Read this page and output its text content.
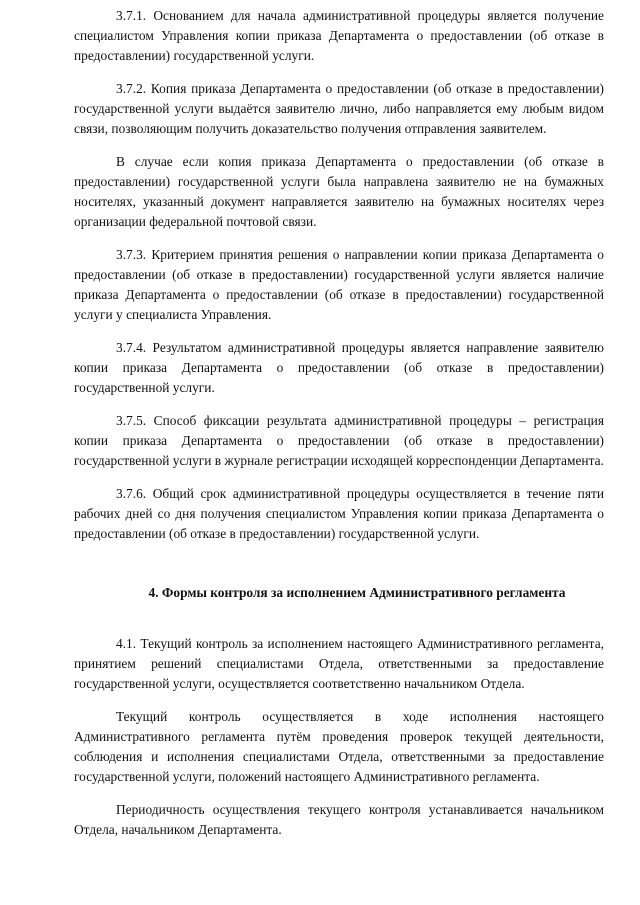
3.7.1. Основанием для начала административной процедуры является получение специалистом Управления копии приказа Департамента о предоставлении (об отказе в предоставлении) государственной услуги.

3.7.2. Копия приказа Департамента о предоставлении (об отказе в предоставлении) государственной услуги выдаётся заявителю лично, либо направляется ему любым видом связи, позволяющим получить доказательство получения отправления заявителем.

В случае если копия приказа Департамента о предоставлении (об отказе в предоставлении) государственной услуги была направлена заявителю не на бумажных носителях, указанный документ направляется заявителю на бумажных носителях через организации федеральной почтовой связи.

3.7.3. Критерием принятия решения о направлении копии приказа Департамента о предоставлении (об отказе в предоставлении) государственной услуги является наличие приказа Департамента о предоставлении (об отказе в предоставлении) государственной услуги у специалиста Управления.

3.7.4. Результатом административной процедуры является направление заявителю копии приказа Департамента о предоставлении (об отказе в предоставлении) государственной услуги.

3.7.5. Способ фиксации результата административной процедуры – регистрация копии приказа Департамента о предоставлении (об отказе в предоставлении) государственной услуги в журнале регистрации исходящей корреспонденции Департамента.

3.7.6. Общий срок административной процедуры осуществляется в течение пяти рабочих дней со дня получения специалистом Управления копии приказа Департамента о предоставлении (об отказе в предоставлении) государственной услуги.

4. Формы контроля за исполнением Административного регламента

4.1. Текущий контроль за исполнением настоящего Административного регламента, принятием решений специалистами Отдела, ответственными за предоставление государственной услуги, осуществляется соответственно начальником Отдела.

Текущий контроль осуществляется в ходе исполнения настоящего Административного регламента путём проведения проверок текущей деятельности, соблюдения и исполнения специалистами Отдела, ответственными за предоставление государственной услуги, положений настоящего Административного регламента.

Периодичность осуществления текущего контроля устанавливается начальником Отдела, начальником Департамента.
